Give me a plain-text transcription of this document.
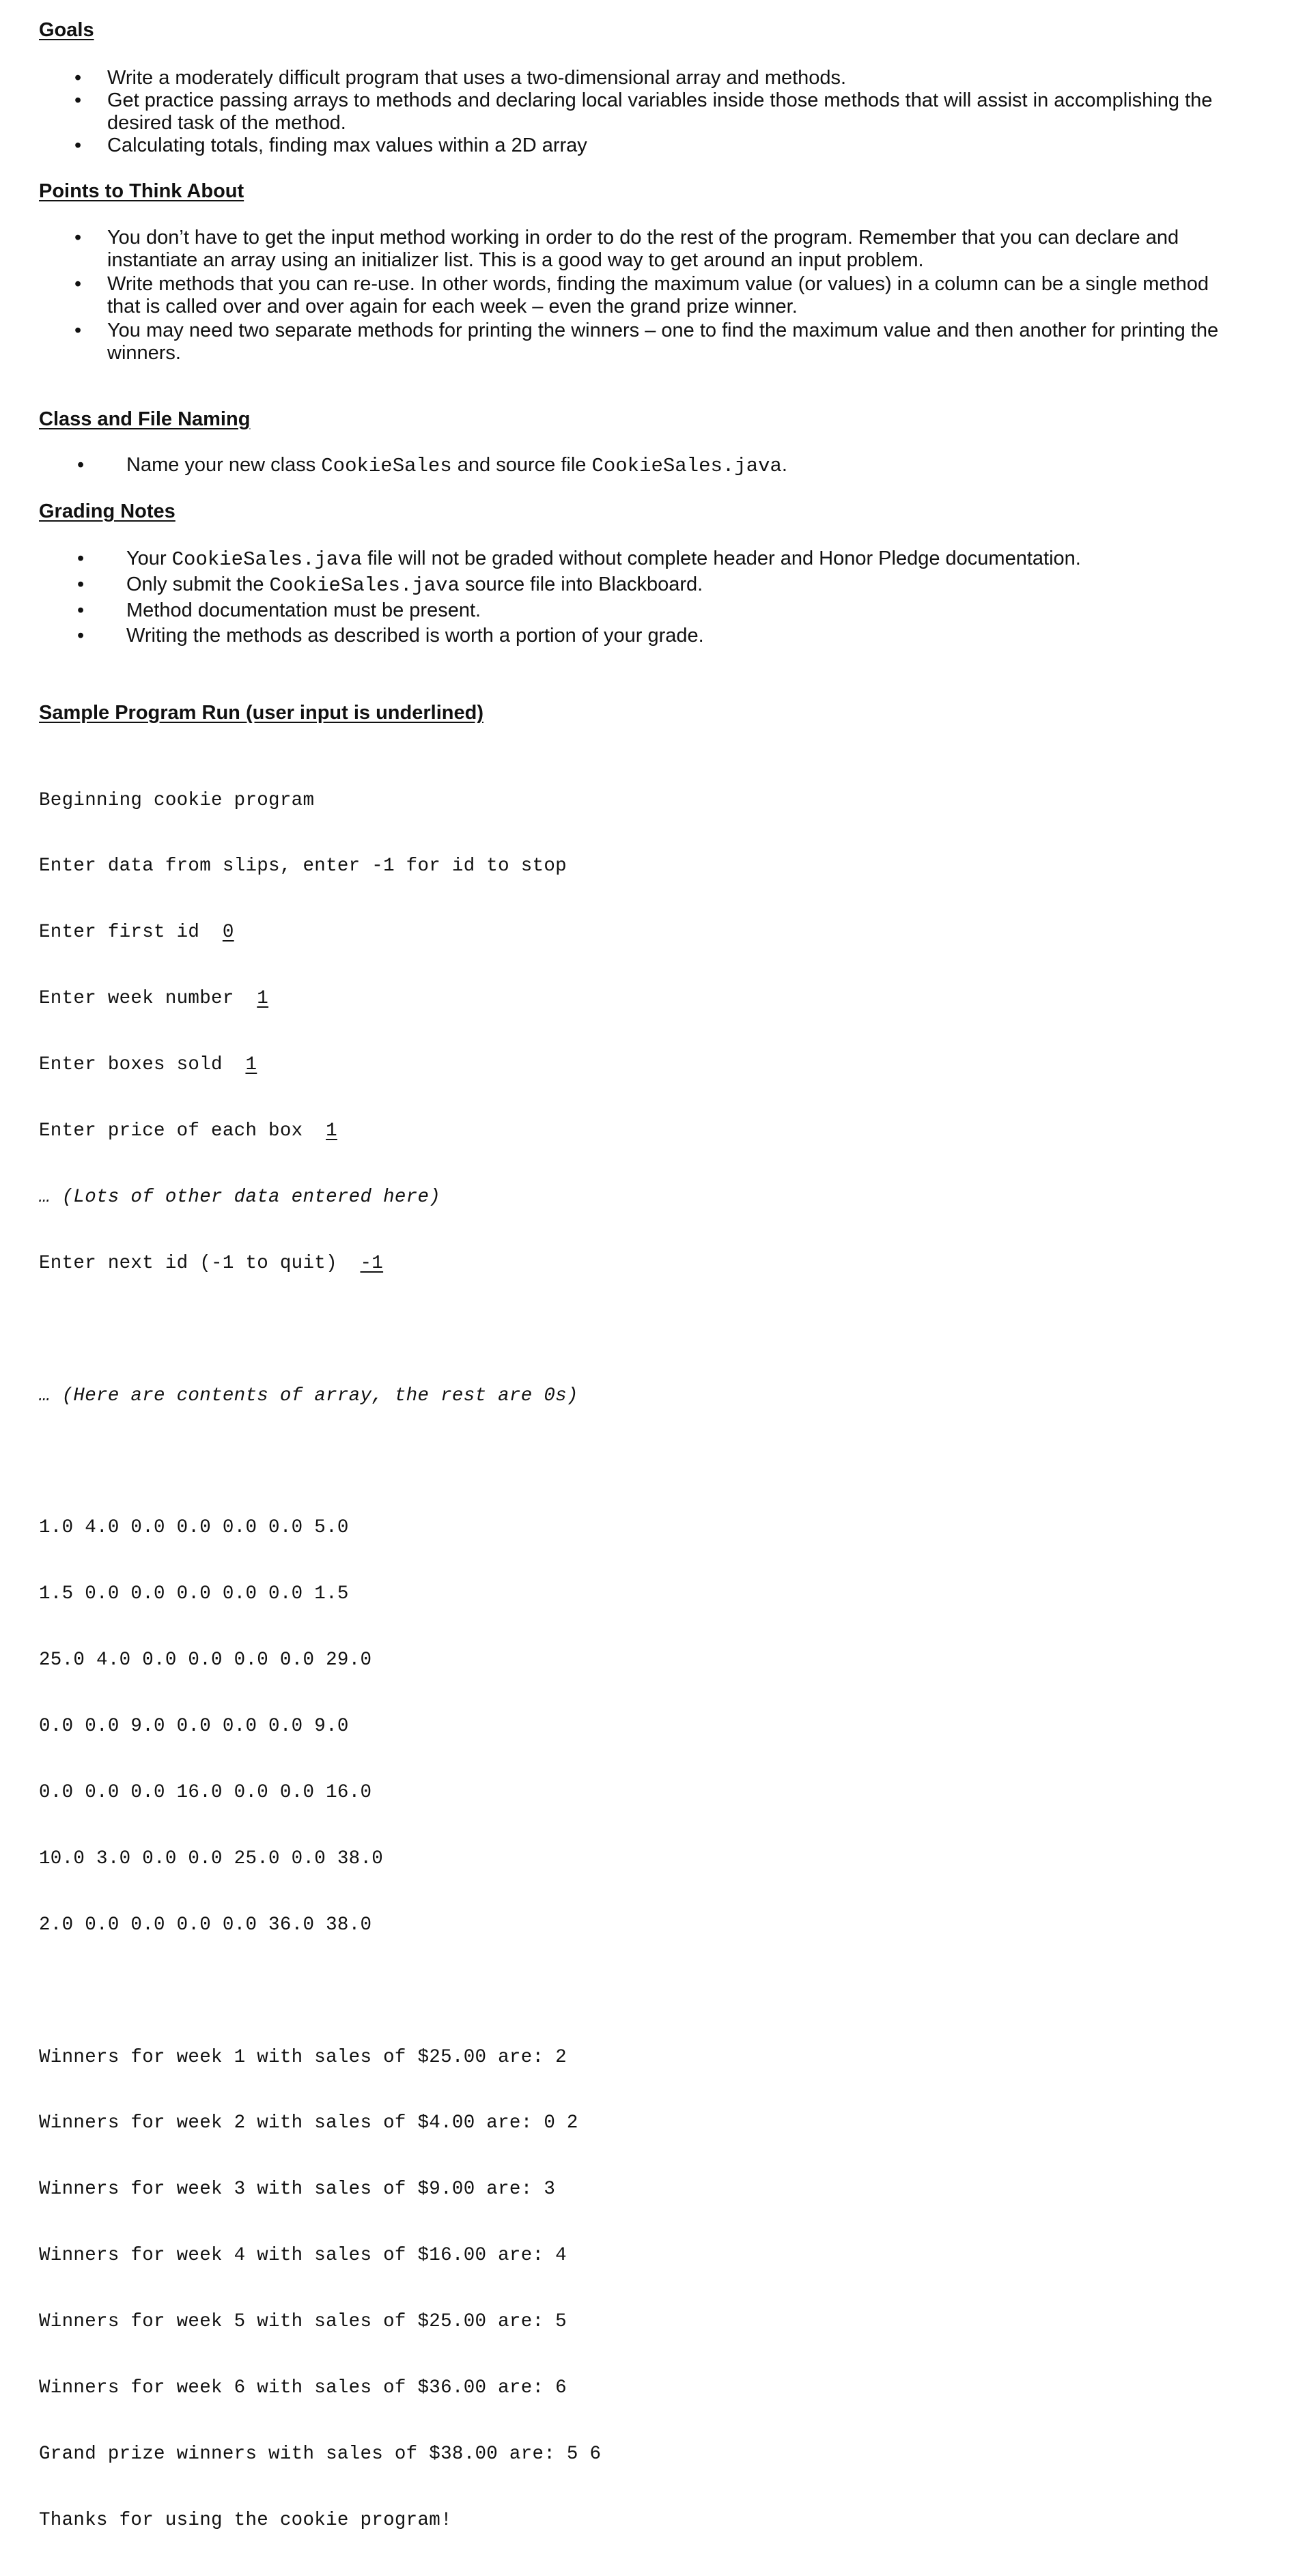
Goals
• Write a moderately difficult program that uses a two-dimensional array and methods.
• Get practice passing arrays to methods and declaring local variables inside those methods that will assist in accomplishing the desired task of the method.
• Calculating totals, finding max values within a 2D array
Points to Think About
• You don’t have to get the input method working in order to do the rest of the program. Remember that you can declare and instantiate an array using an initializer list. This is a good way to get around an input problem.
• Write methods that you can re-use. In other words, finding the maximum value (or values) in a column can be a single method that is called over and over again for each week – even the grand prize winner.
• You may need two separate methods for printing the winners – one to find the maximum value and then another for printing the winners.
Class and File Naming
• Name your new class CookieSales and source file CookieSales.java.
Grading Notes
• Your CookieSales.java file will not be graded without complete header and Honor Pledge documentation.
• Only submit the CookieSales.java source file into Blackboard.
• Method documentation must be present.
• Writing the methods as described is worth a portion of your grade.
Sample Program Run (user input is underlined)

Beginning cookie program

Enter data from slips, enter -1 for id to stop

Enter first id  0

Enter week number  1

Enter boxes sold  1

Enter price of each box  1

… (Lots of other data entered here)

Enter next id (-1 to quit)  -1

… (Here are contents of array, the rest are 0s)

1.0 4.0 0.0 0.0 0.0 0.0 5.0

1.5 0.0 0.0 0.0 0.0 0.0 1.5

25.0 4.0 0.0 0.0 0.0 0.0 29.0

0.0 0.0 9.0 0.0 0.0 0.0 9.0

0.0 0.0 0.0 16.0 0.0 0.0 16.0

10.0 3.0 0.0 0.0 25.0 0.0 38.0

2.0 0.0 0.0 0.0 0.0 36.0 38.0

Winners for week 1 with sales of $25.00 are: 2

Winners for week 2 with sales of $4.00 are: 0 2

Winners for week 3 with sales of $9.00 are: 3

Winners for week 4 with sales of $16.00 are: 4

Winners for week 5 with sales of $25.00 are: 5

Winners for week 6 with sales of $36.00 are: 6

Grand prize winners with sales of $38.00 are: 5 6

Thanks for using the cookie program!
